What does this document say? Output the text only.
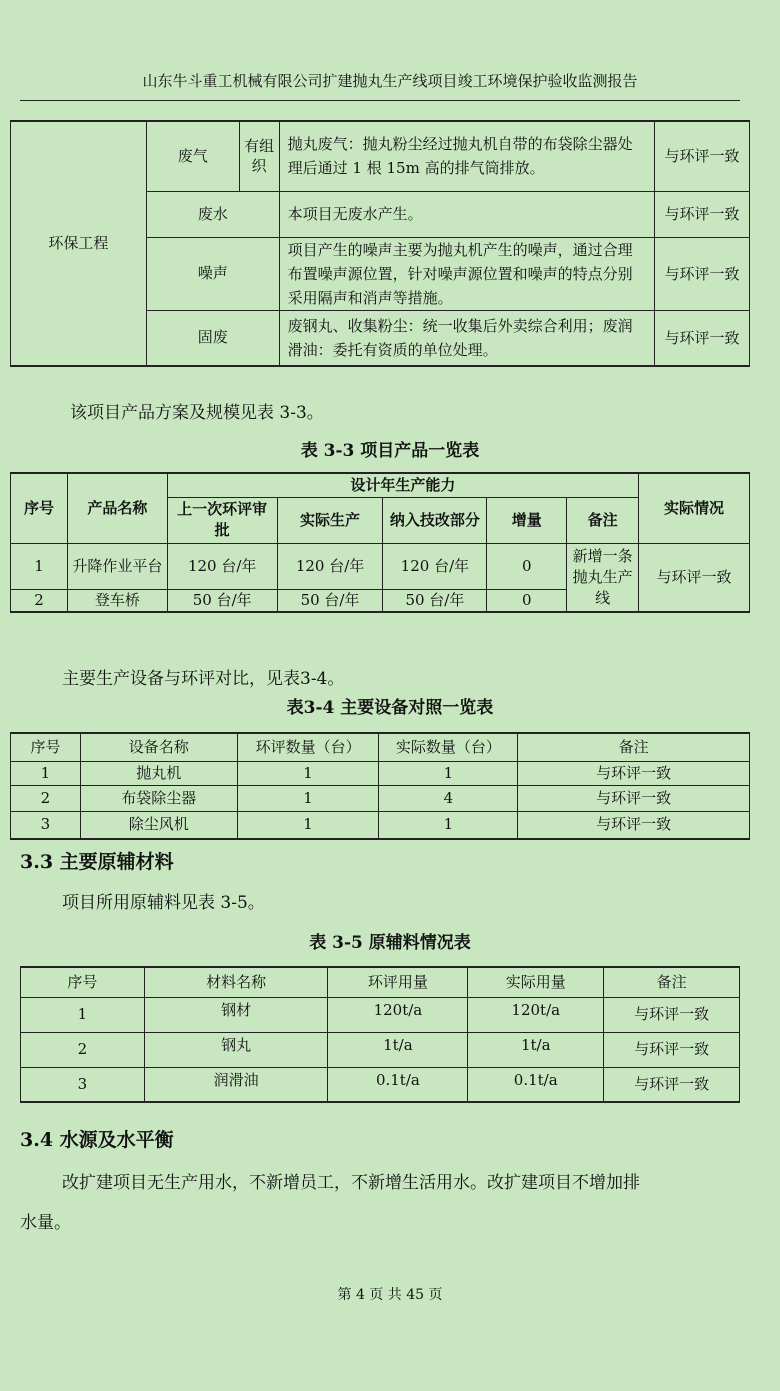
山东牛斗重工机械有限公司扩建抛丸生产线项目竣工环境保护验收监测报告
环保工程	废气	有组织	抛丸废气：抛丸粉尘经过抛丸机自带的布袋除尘器处理后通过 1 根 15m 高的排气筒排放。	与环评一致
	废水		本项目无废水产生。	与环评一致
	噪声		项目产生的噪声主要为抛丸机产生的噪声，通过合理布置噪声源位置，针对噪声源位置和噪声的特点分别采用隔声和消声等措施。	与环评一致
	固废		废钢丸、收集粉尘：统一收集后外卖综合利用；废润滑油：委托有资质的单位处理。	与环评一致
该项目产品方案及规模见表 3-3。
表 3-3 项目产品一览表
序号	产品名称	设计年生产能力					实际情况
		上一次环评审批	实际生产	纳入技改部分	增量	备注	
1	升降作业平台	120 台/年	120 台/年	120 台/年	0	新增一条抛丸生产线	与环评一致
2	登车桥	50 台/年	50 台/年	50 台/年	0		
主要生产设备与环评对比，见表3-4。
表3-4 主要设备对照一览表
序号	设备名称	环评数量（台）	实际数量（台）	备注
1	抛丸机	1	1	与环评一致
2	布袋除尘器	1	4	与环评一致
3	除尘风机	1	1	与环评一致
3.3 主要原辅材料
项目所用原辅料见表 3-5。
表 3-5 原辅料情况表
序号	材料名称	环评用量	实际用量	备注
1	钢材	120t/a	120t/a	与环评一致
2	钢丸	1t/a	1t/a	与环评一致
3	润滑油	0.1t/a	0.1t/a	与环评一致
3.4 水源及水平衡
改扩建项目无生产用水，不新增员工，不新增生活用水。改扩建项目不增加排
水量。
第 4 页 共 45 页
